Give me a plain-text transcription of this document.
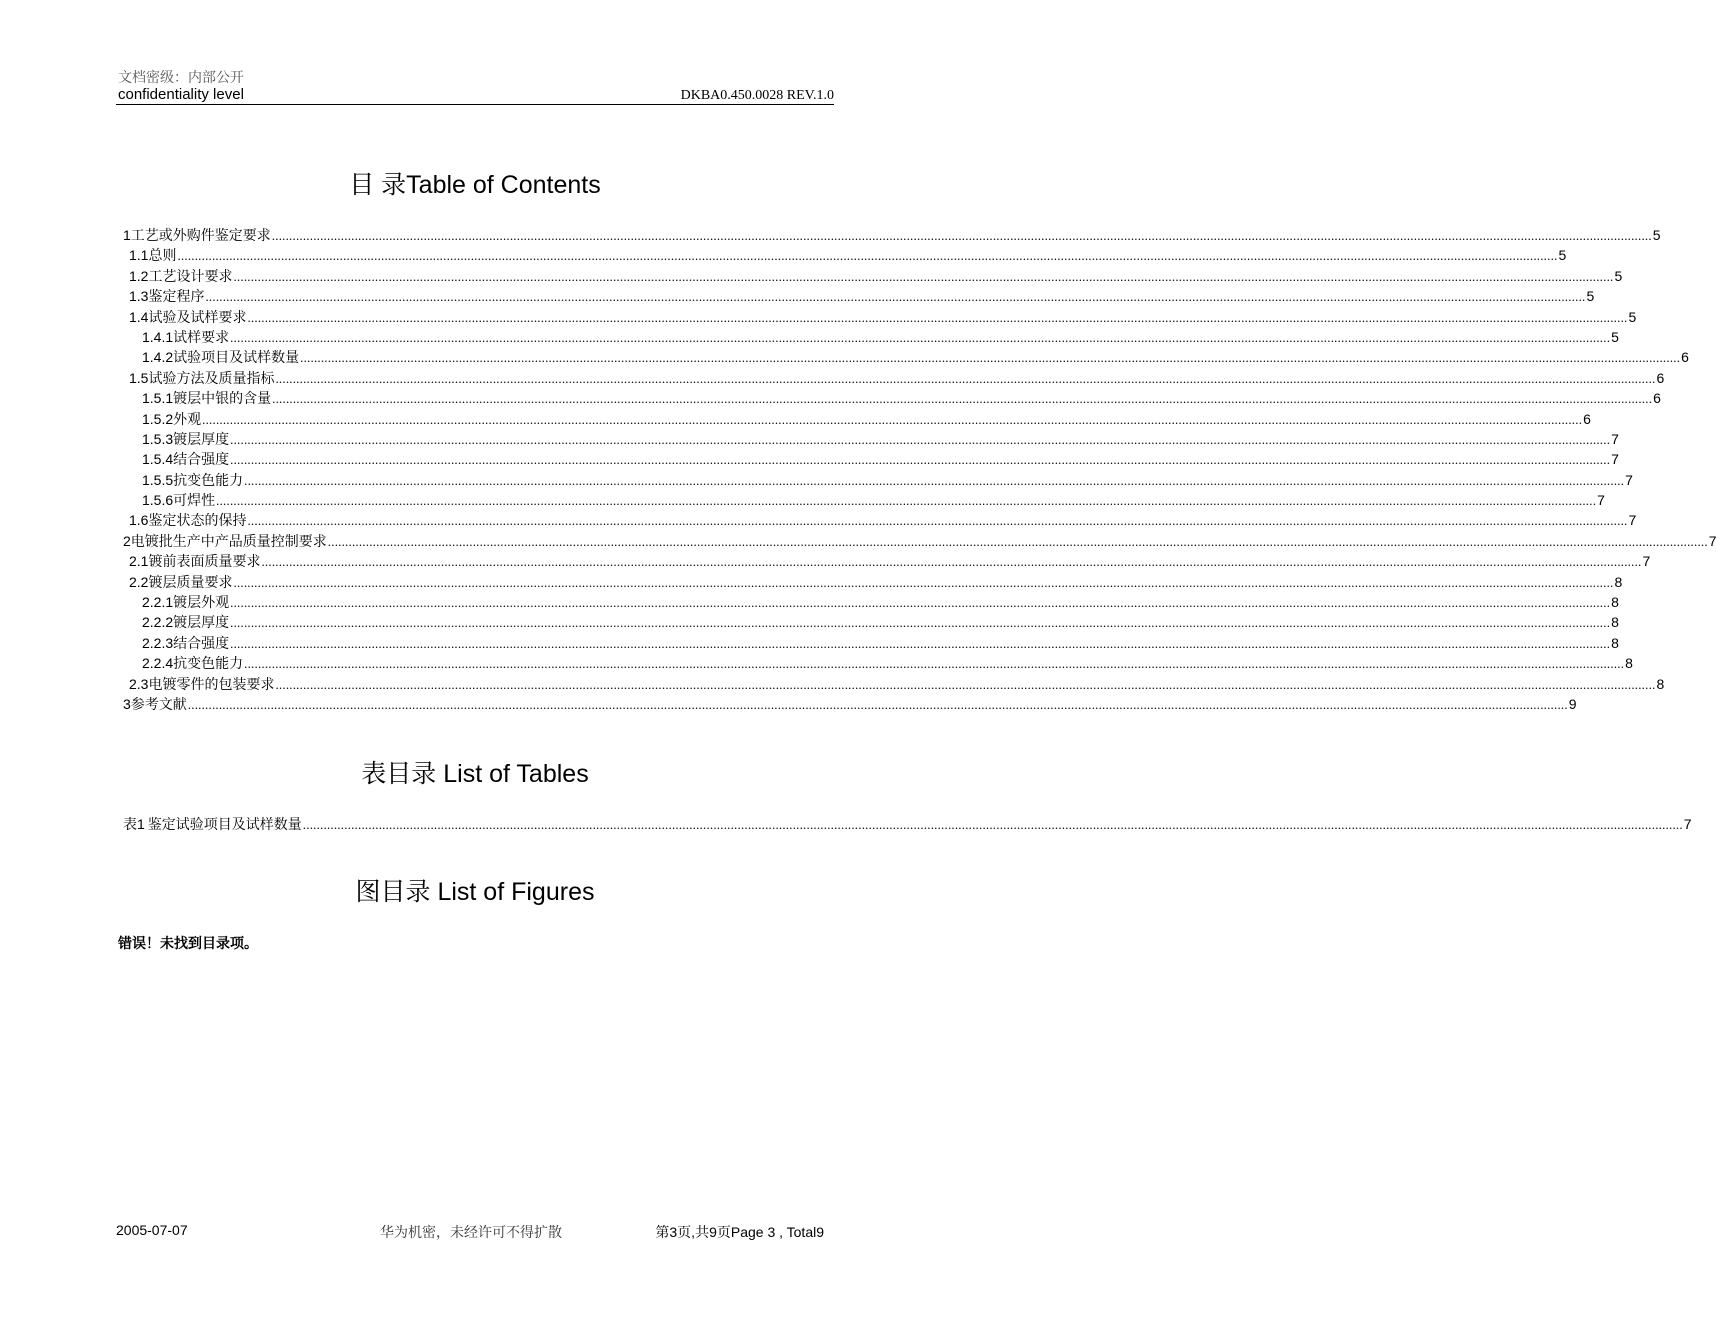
文档密级：内部公开
confidentiality level	DKBA0.450.0028 REV.1.0
目 录Table of Contents
1 工艺或外购件鉴定要求 ................................................................................................................................................................................................................................................................................................................................................................................................................ 5
1.1 总则 ................................................................................................................................................................................................................................................................................................................................................................................................................ 5
1.2 工艺设计要求 ................................................................................................................................................................................................................................................................................................................................................................................................................ 5
1.3 鉴定程序 ................................................................................................................................................................................................................................................................................................................................................................................................................ 5
1.4 试验及试样要求 ................................................................................................................................................................................................................................................................................................................................................................................................................ 5
1.4.1 试样要求 ................................................................................................................................................................................................................................................................................................................................................................................................................ 5
1.4.2 试验项目及试样数量 ................................................................................................................................................................................................................................................................................................................................................................................................................ 6
1.5 试验方法及质量指标 ................................................................................................................................................................................................................................................................................................................................................................................................................ 6
1.5.1 镀层中银的含量 ................................................................................................................................................................................................................................................................................................................................................................................................................ 6
1.5.2 外观 ................................................................................................................................................................................................................................................................................................................................................................................................................ 6
1.5.3 镀层厚度 ................................................................................................................................................................................................................................................................................................................................................................................................................ 7
1.5.4 结合强度 ................................................................................................................................................................................................................................................................................................................................................................................................................ 7
1.5.5 抗变色能力 ................................................................................................................................................................................................................................................................................................................................................................................................................ 7
1.5.6 可焊性 ................................................................................................................................................................................................................................................................................................................................................................................................................ 7
1.6 鉴定状态的保持 ................................................................................................................................................................................................................................................................................................................................................................................................................ 7
2 电镀批生产中产品质量控制要求 ................................................................................................................................................................................................................................................................................................................................................................................................................ 7
2.1 镀前表面质量要求 ................................................................................................................................................................................................................................................................................................................................................................................................................ 7
2.2 镀层质量要求 ................................................................................................................................................................................................................................................................................................................................................................................................................ 8
2.2.1 镀层外观 ................................................................................................................................................................................................................................................................................................................................................................................................................ 8
2.2.2 镀层厚度 ................................................................................................................................................................................................................................................................................................................................................................................................................ 8
2.2.3 结合强度 ................................................................................................................................................................................................................................................................................................................................................................................................................ 8
2.2.4 抗变色能力 ................................................................................................................................................................................................................................................................................................................................................................................................................ 8
2.3 电镀零件的包装要求 ................................................................................................................................................................................................................................................................................................................................................................................................................ 8
3 参考文献 ................................................................................................................................................................................................................................................................................................................................................................................................................ 9
表目录 List of Tables
表1 鉴定试验项目及试样数量 ................................................................................................................................................................................................................................................................................................................................................................................................................ 7
图目录 List of Figures
错误！未找到目录项。
2005-07-07	华为机密，未经许可不得扩散	第3页,共9页Page 3 , Total9
